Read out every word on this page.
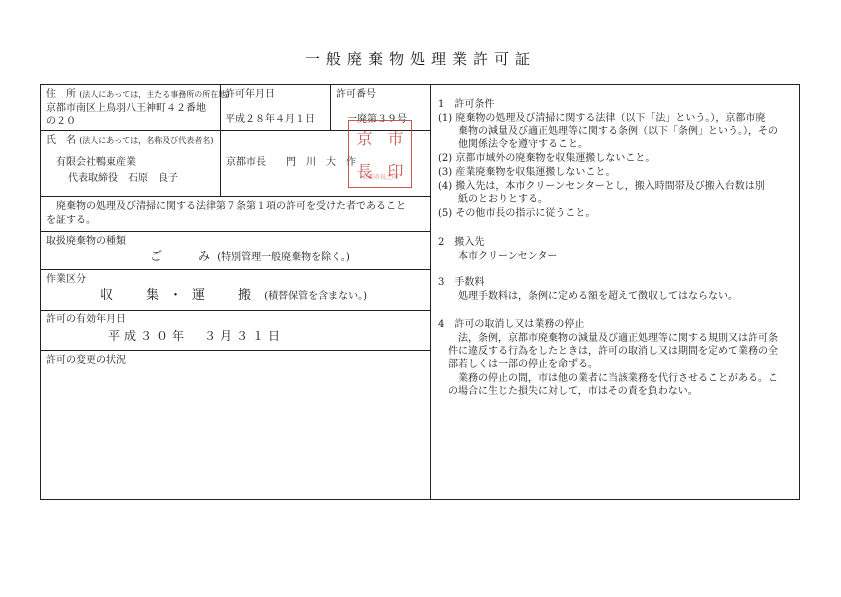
一般廃棄物処理業許可証
住　所 (法人にあっては，主たる事務所の所在地)
京都市南区上鳥羽八王神町４２番地
の２０
許可年月日
平成２８年４月１日
許可番号
一廃第３９号
氏　名 (法人にあっては，名称及び代表者名)
有限会社鴨東産業
代表取締役　石原　良子
京都市長　　門　川　大　作
京 市
長 印
京都市長之印
廃棄物の処理及び清掃に関する法律第７条第１項の許可を受けた者であること
を証する。
取扱廃棄物の種類
ご　　み (特別管理一般廃棄物を除く。)
作業区分
収　集・運　搬 (積替保管を含まない。)
許可の有効年月日
平成３０年　３月３１日
許可の変更の状況
1　許可条件
(1) 廃棄物の処理及び清掃に関する法律（以下「法」という。），京都市廃
　　棄物の減量及び適正処理等に関する条例（以下「条例」という。），その
　　他関係法令を遵守すること。
(2) 京都市域外の廃棄物を収集運搬しないこと。
(3) 産業廃棄物を収集運搬しないこと。
(4) 搬入先は，本市クリーンセンターとし，搬入時間帯及び搬入台数は別
　　紙のとおりとする。
(5) その他市長の指示に従うこと。
2　搬入先
　　本市クリーンセンター
3　手数料
　　処理手数料は，条例に定める額を超えて徴収してはならない。
4　許可の取消し又は業務の停止
　　法，条例，京都市廃棄物の減量及び適正処理等に関する規則又は許可条
　件に違反する行為をしたときは，許可の取消し又は期間を定めて業務の全
　部若しくは一部の停止を命ずる。
　　業務の停止の間，市は他の業者に当該業務を代行させることがある。こ
　の場合に生じた損失に対して，市はその責を負わない。
